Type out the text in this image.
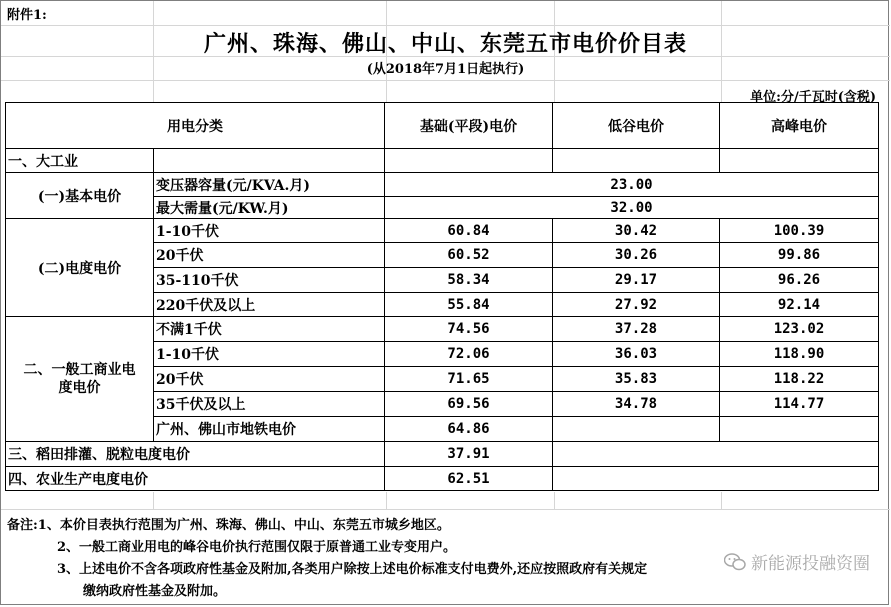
附件1:
广州、珠海、佛山、中山、东莞五市电价价目表
(从2018年7月1日起执行)
单位:分/千瓦时(含税)
用电分类	基础(平段)电价	低谷电价	高峰电价
一、大工业
(一)基本电价
变压器容量(元/KVA.月)	23.00
最大需量(元/KW.月)	32.00
(二)电度电价
1-10千伏	60.84	30.42	100.39
20千伏	60.52	30.26	99.86
35-110千伏	58.34	29.17	96.26
220千伏及以上	55.84	27.92	92.14
二、一般工商业电度电价
不满1千伏	74.56	37.28	123.02
1-10千伏	72.06	36.03	118.90
20千伏	71.65	35.83	118.22
35千伏及以上	69.56	34.78	114.77
广州、佛山市地铁电价	64.86
三、稻田排灌、脱粒电度电价	37.91
四、农业生产电度电价	62.51
备注:1、本价目表执行范围为广州、珠海、佛山、中山、东莞五市城乡地区。
2、一般工商业用电的峰谷电价执行范围仅限于原普通工业专变用户。
3、上述电价不含各项政府性基金及附加,各类用户除按上述电价标准支付电费外,还应按照政府有关规定
缴纳政府性基金及附加。
新能源投融资圈
